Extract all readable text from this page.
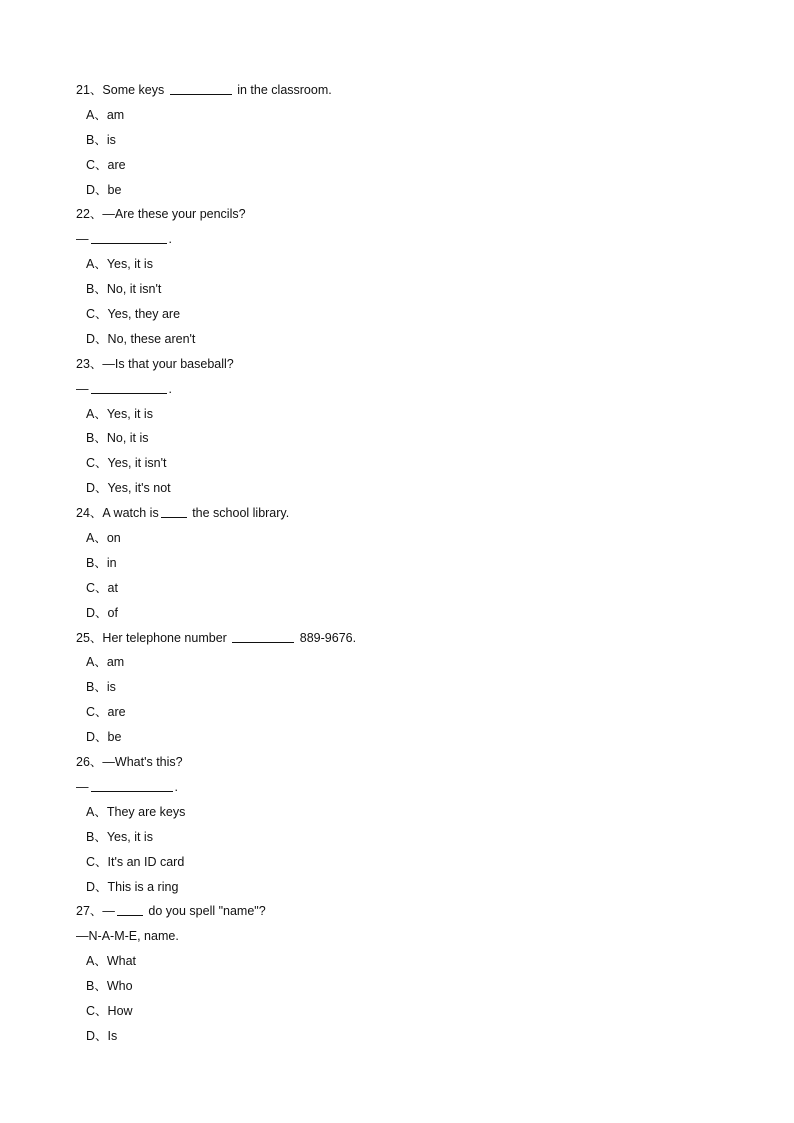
21、Some keys	in the classroom.
A、am
B、is
C、are
D、be
22、—Are these your pencils?
—	.
A、Yes, it is
B、No, it isn't
C、Yes, they are
D、No, these aren't
23、—Is that your baseball?
—	.
A、Yes, it is
B、No, it is
C、Yes, it isn't
D、Yes, it's not
24、A watch is	the school library.
A、on
B、in
C、at
D、of
25、Her telephone number	889-9676.
A、am
B、is
C、are
D、be
26、—What's this?
—	.
A、They are keys
B、Yes, it is
C、It's an ID card
D、This is a ring
27、—	do you spell "name"?
—N-A-M-E, name.
A、What
B、Who
C、How
D、Is
